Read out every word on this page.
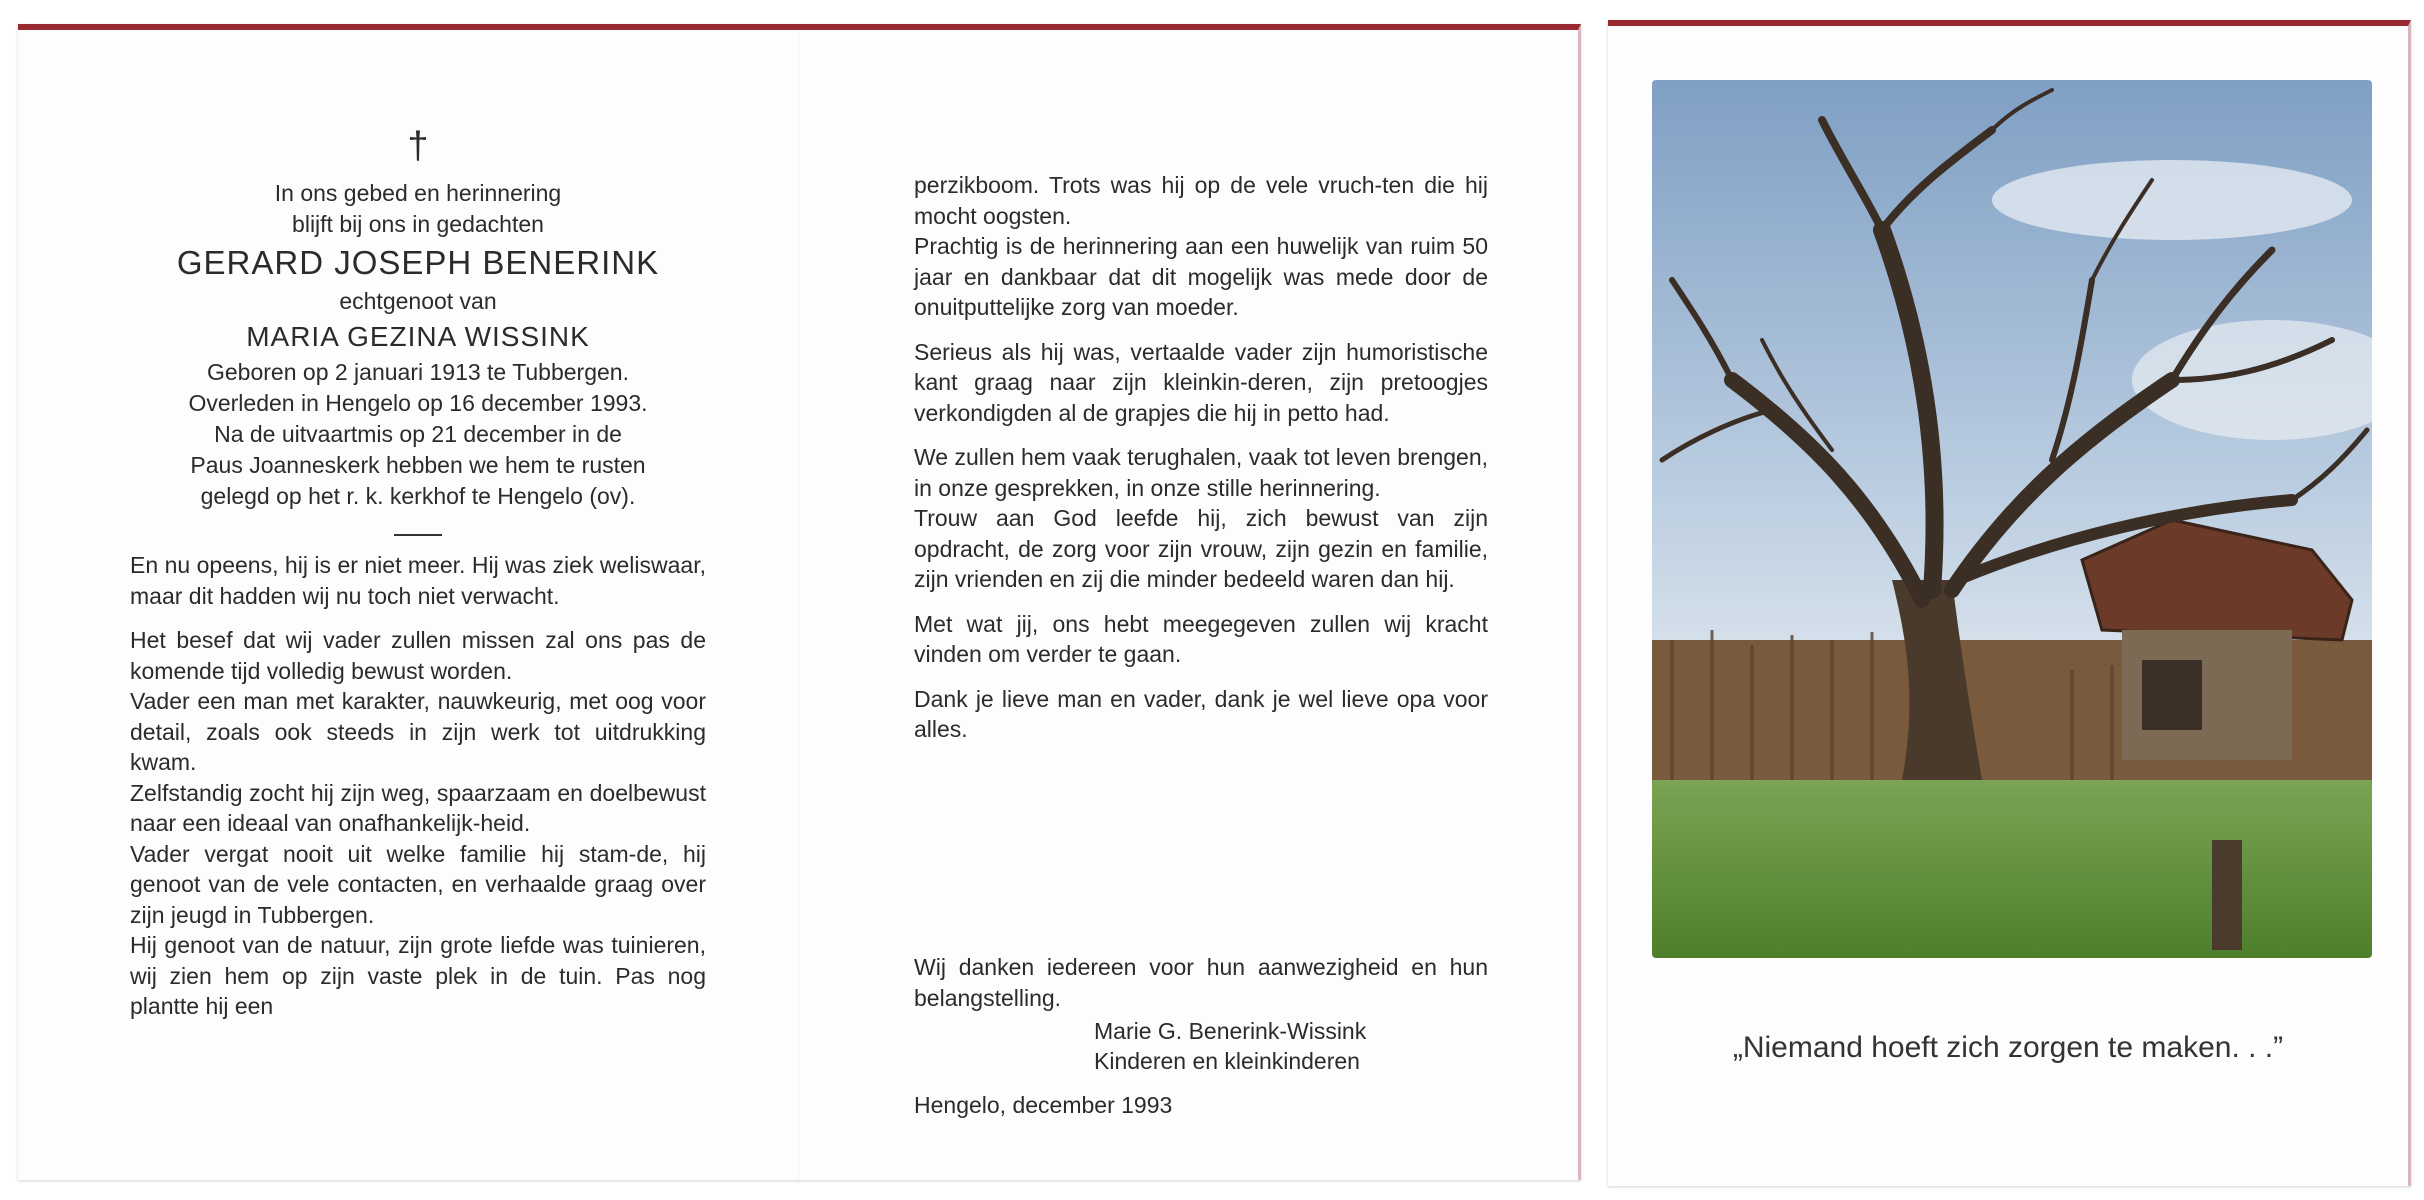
†
In ons gebed en herinnering
blijft bij ons in gedachten
GERARD JOSEPH BENERINK
echtgenoot van
MARIA GEZINA WISSINK
Geboren op 2 januari 1913 te Tubbergen.
Overleden in Hengelo op 16 december 1993.
Na de uitvaartmis op 21 december in de
Paus Joanneskerk hebben we hem te rusten
gelegd op het r. k. kerkhof te Hengelo (ov).

En nu opeens, hij is er niet meer. Hij was ziek weliswaar, maar dit hadden wij nu toch niet verwacht.

Het besef dat wij vader zullen missen zal ons pas de komende tijd volledig bewust worden.

Vader een man met karakter, nauwkeurig, met oog voor detail, zoals ook steeds in zijn werk tot uitdrukking kwam.

Zelfstandig zocht hij zijn weg, spaarzaam en doelbewust naar een ideaal van onafhankelijk-heid.

Vader vergat nooit uit welke familie hij stam-de, hij genoot van de vele contacten, en verhaalde graag over zijn jeugd in Tubbergen.

Hij genoot van de natuur, zijn grote liefde was tuinieren, wij zien hem op zijn vaste plek in de tuin. Pas nog plantte hij een

perzikboom. Trots was hij op de vele vruch-ten die hij mocht oogsten.

Prachtig is de herinnering aan een huwelijk van ruim 50 jaar en dankbaar dat dit mogelijk was mede door de onuitputtelijke zorg van moeder.

Serieus als hij was, vertaalde vader zijn humoristische kant graag naar zijn kleinkin-deren, zijn pretoogjes verkondigden al de grapjes die hij in petto had.

We zullen hem vaak terughalen, vaak tot leven brengen, in onze gesprekken, in onze stille herinnering.

Trouw aan God leefde hij, zich bewust van zijn opdracht, de zorg voor zijn vrouw, zijn gezin en familie, zijn vrienden en zij die minder bedeeld waren dan hij.

Met wat jij, ons hebt meegegeven zullen wij kracht vinden om verder te gaan.

Dank je lieve man en vader, dank je wel lieve opa voor alles.

Wij danken iedereen voor hun aanwezigheid en hun belangstelling.
Marie G. Benerink-Wissink
Kinderen en kleinkinderen
Hengelo, december 1993
„Niemand hoeft zich zorgen te maken. . .”
